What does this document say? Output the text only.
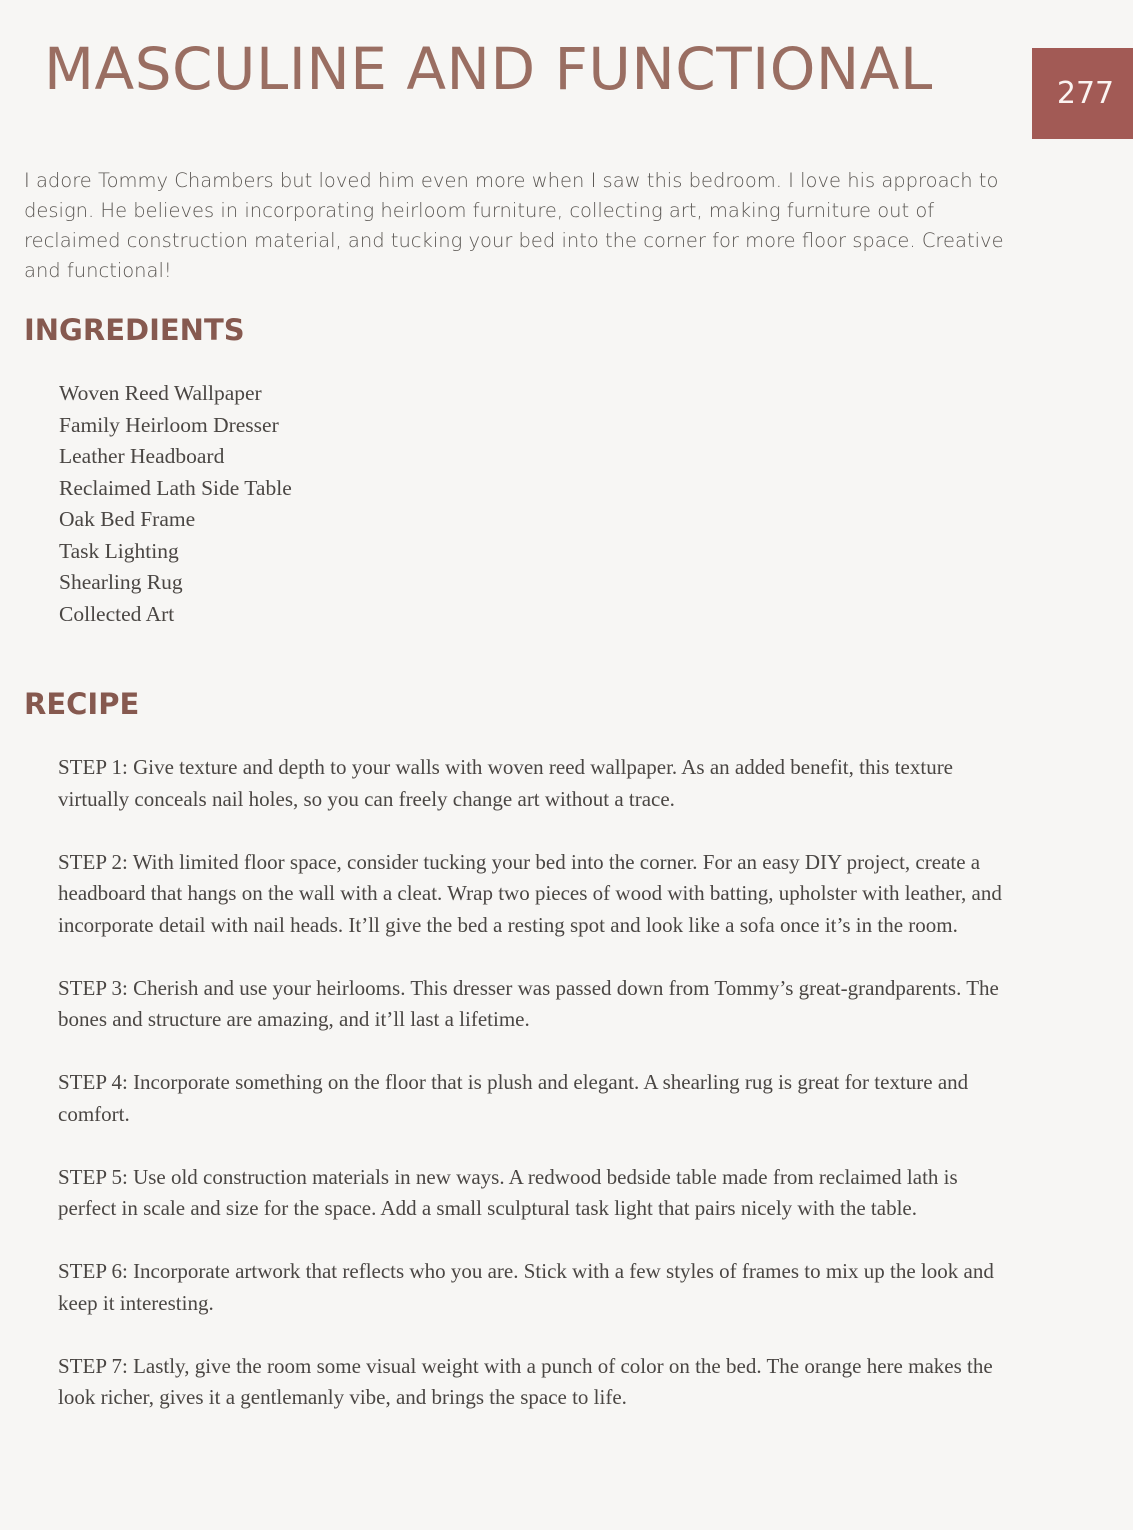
MASCULINE AND FUNCTIONAL	277

I adore Tommy Chambers but loved him even more when I saw this bedroom. I love his approach to design. He believes in incorporating heirloom furniture, collecting art, making furniture out of reclaimed construction material, and tucking your bed into the corner for more floor space. Creative and functional!

INGREDIENTS
Woven Reed Wallpaper
Family Heirloom Dresser
Leather Headboard
Reclaimed Lath Side Table
Oak Bed Frame
Task Lighting
Shearling Rug
Collected Art
RECIPE

STEP 1: Give texture and depth to your walls with woven reed wallpaper. As an added benefit, this texture virtually conceals nail holes, so you can freely change art without a trace.

STEP 2: With limited floor space, consider tucking your bed into the corner. For an easy DIY project, create a headboard that hangs on the wall with a cleat. Wrap two pieces of wood with batting, upholster with leather, and incorporate detail with nail heads. It’ll give the bed a resting spot and look like a sofa once it’s in the room.

STEP 3: Cherish and use your heirlooms. This dresser was passed down from Tommy’s great-grandparents. The bones and structure are amazing, and it’ll last a lifetime.

STEP 4: Incorporate something on the floor that is plush and elegant. A shearling rug is great for texture and comfort.

STEP 5: Use old construction materials in new ways. A redwood bedside table made from reclaimed lath is perfect in scale and size for the space. Add a small sculptural task light that pairs nicely with the table.

STEP 6: Incorporate artwork that reflects who you are. Stick with a few styles of frames to mix up the look and keep it interesting.

STEP 7: Lastly, give the room some visual weight with a punch of color on the bed. The orange here makes the look richer, gives it a gentlemanly vibe, and brings the space to life.
